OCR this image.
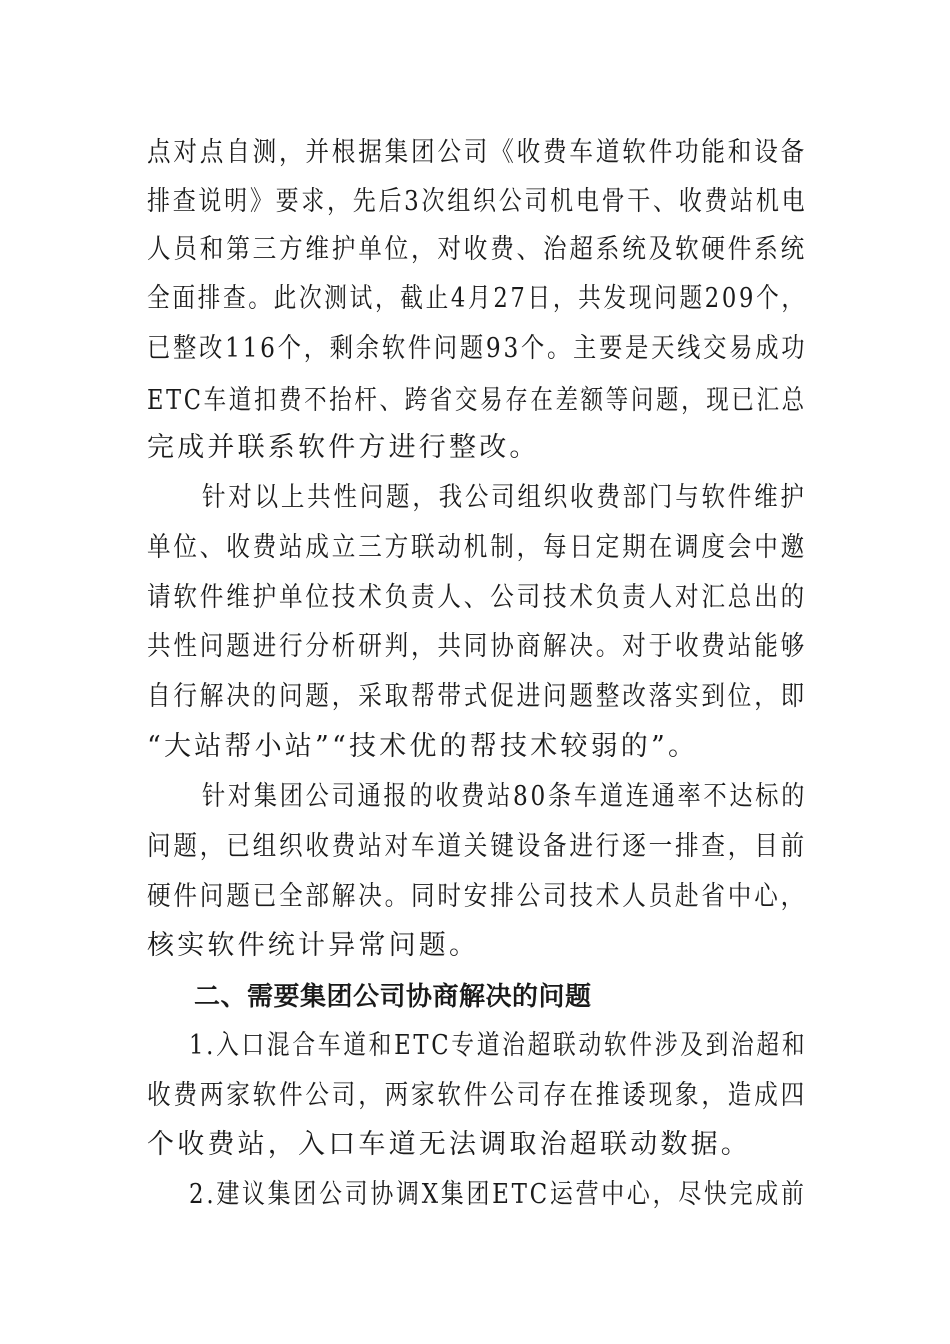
点对点自测，并根据集团公司《收费车道软件功能和设备
排查说明》要求，先后3次组织公司机电骨干、收费站机电
人员和第三方维护单位，对收费、治超系统及软硬件系统
全面排查。此次测试，截止4月27日，共发现问题209个，
已整改116个，剩余软件问题93个。主要是天线交易成功
ETC车道扣费不抬杆、跨省交易存在差额等问题，现已汇总
完成并联系软件方进行整改。
针对以上共性问题，我公司组织收费部门与软件维护
单位、收费站成立三方联动机制，每日定期在调度会中邀
请软件维护单位技术负责人、公司技术负责人对汇总出的
共性问题进行分析研判，共同协商解决。对于收费站能够
自行解决的问题，采取帮带式促进问题整改落实到位，即
“大站帮小站”“技术优的帮技术较弱的”。
针对集团公司通报的收费站80条车道连通率不达标的
问题，已组织收费站对车道关键设备进行逐一排查，目前
硬件问题已全部解决。同时安排公司技术人员赴省中心，
核实软件统计异常问题。
二、需要集团公司协商解决的问题
1.入口混合车道和ETC专道治超联动软件涉及到治超和
收费两家软件公司，两家软件公司存在推诿现象，造成四
个收费站，入口车道无法调取治超联动数据。
2.建议集团公司协调X集团ETC运营中心，尽快完成前
